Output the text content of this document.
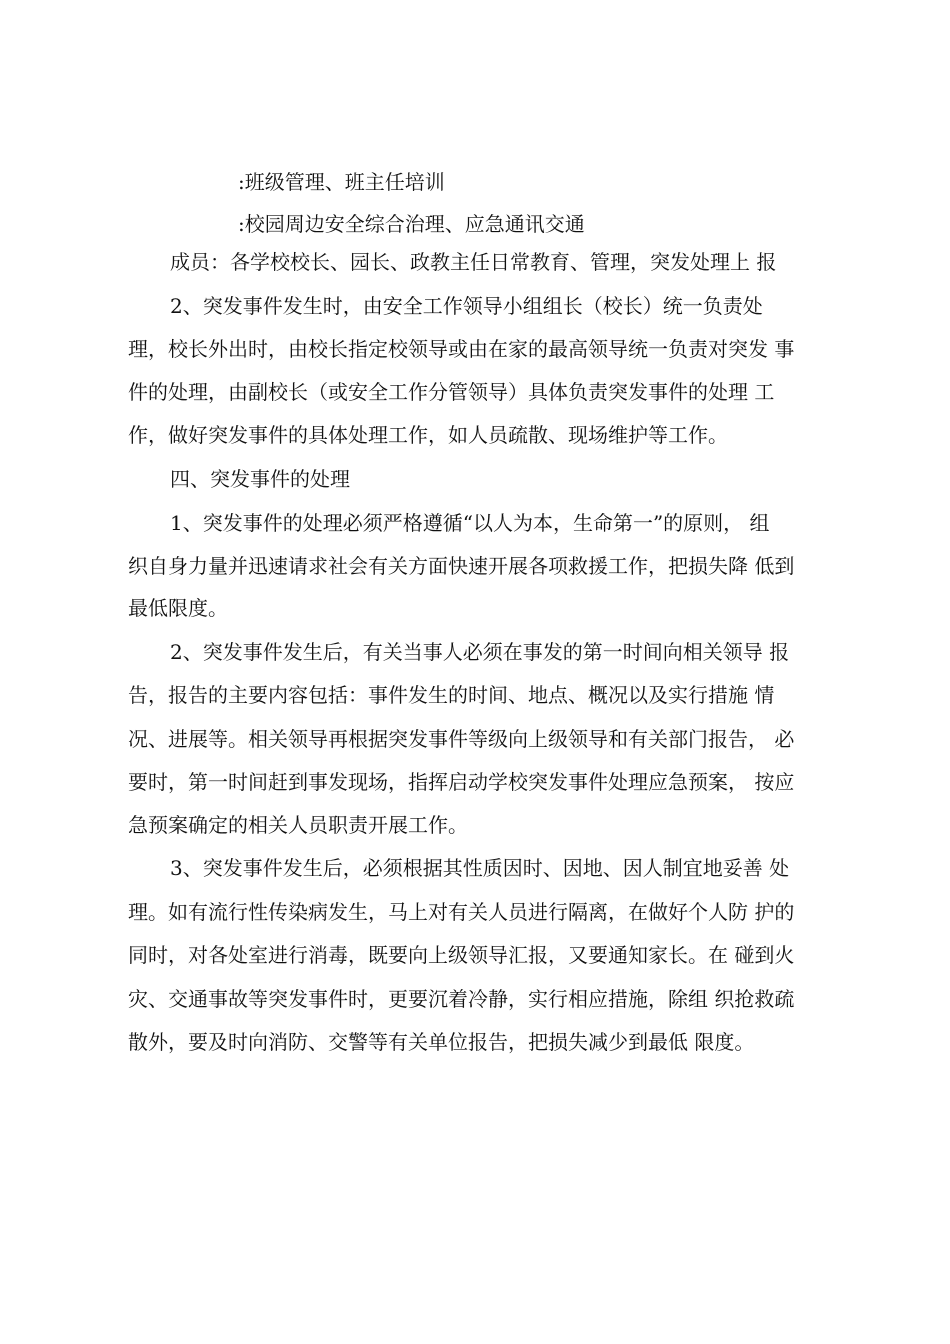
:班级管理、班主任培训
:校园周边安全综合治理、应急通讯交通
成员：各学校校长、园长、政教主任日常教育、管理，突发处理上 报
2、突发事件发生时，由安全工作领导小组组长（校长）统一负责处
理，校长外出时，由校长指定校领导或由在家的最高领导统一负责对突发 事
件的处理，由副校长（或安全工作分管领导）具体负责突发事件的处理 工
作，做好突发事件的具体处理工作，如人员疏散、现场维护等工作。
四、突发事件的处理
1、突发事件的处理必须严格遵循“以人为本，生命第一”的原则， 组
织自身力量并迅速请求社会有关方面快速开展各项救援工作，把损失降 低到
最低限度。
2、突发事件发生后，有关当事人必须在事发的第一时间向相关领导 报
告，报告的主要内容包括：事件发生的时间、地点、概况以及实行措施 情
况、进展等。相关领导再根据突发事件等级向上级领导和有关部门报告， 必
要时，第一时间赶到事发现场，指挥启动学校突发事件处理应急预案， 按应
急预案确定的相关人员职责开展工作。
3、突发事件发生后，必须根据其性质因时、因地、因人制宜地妥善 处
理。如有流行性传染病发生，马上对有关人员进行隔离，在做好个人防 护的
同时，对各处室进行消毒，既要向上级领导汇报，又要通知家长。在 碰到火
灾、交通事故等突发事件时，更要沉着冷静，实行相应措施，除组 织抢救疏
散外，要及时向消防、交警等有关单位报告，把损失减少到最低 限度。
